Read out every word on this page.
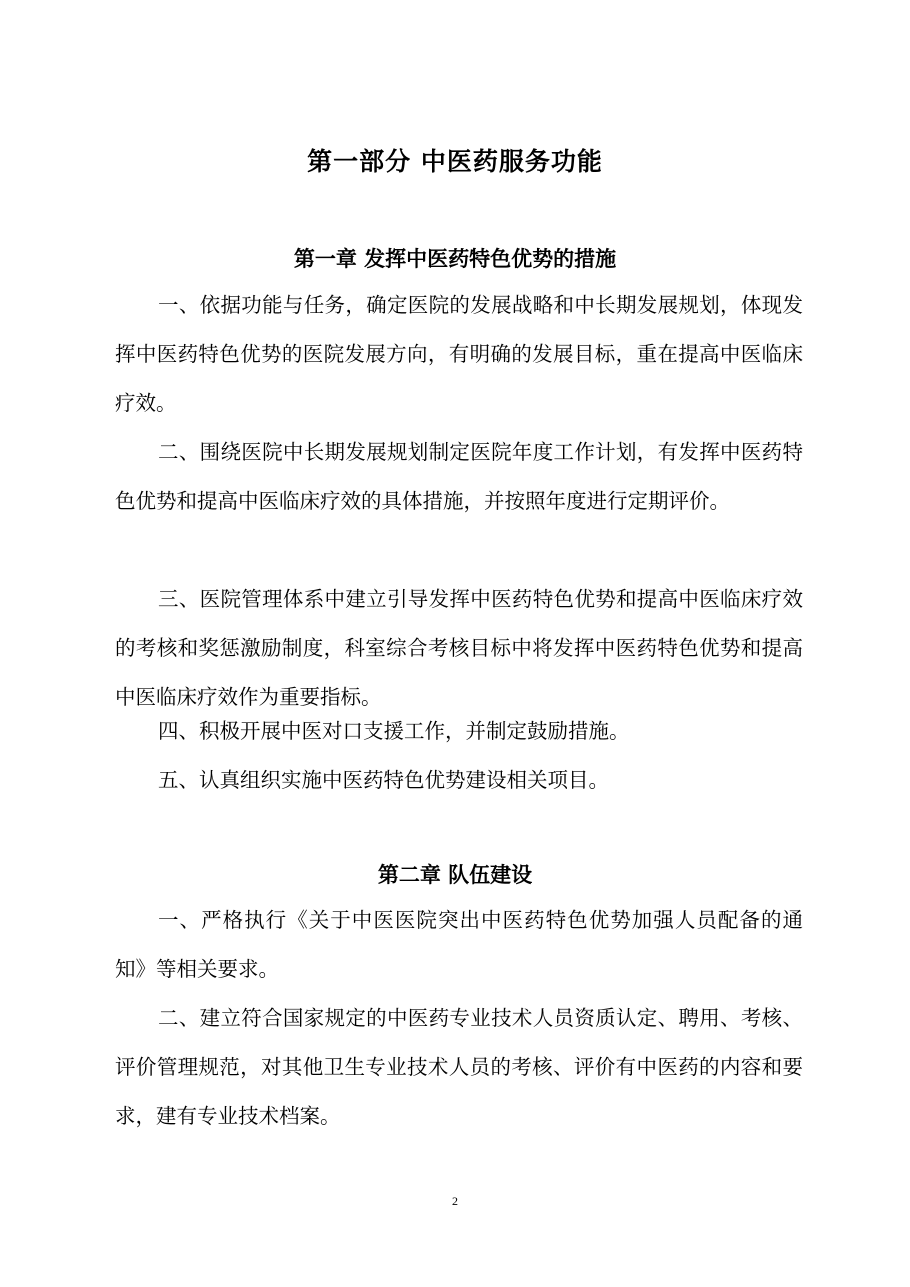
第一部分 中医药服务功能
第一章 发挥中医药特色优势的措施

一、依据功能与任务，确定医院的发展战略和中长期发展规划，体现发挥中医药特色优势的医院发展方向，有明确的发展目标，重在提高中医临床疗效。

二、围绕医院中长期发展规划制定医院年度工作计划，有发挥中医药特色优势和提高中医临床疗效的具体措施，并按照年度进行定期评价。

三、医院管理体系中建立引导发挥中医药特色优势和提高中医临床疗效的考核和奖惩激励制度，科室综合考核目标中将发挥中医药特色优势和提高中医临床疗效作为重要指标。

四、积极开展中医对口支援工作，并制定鼓励措施。

五、认真组织实施中医药特色优势建设相关项目。

第二章 队伍建设

一、严格执行《关于中医医院突出中医药特色优势加强人员配备的通知》等相关要求。

二、建立符合国家规定的中医药专业技术人员资质认定、聘用、考核、评价管理规范，对其他卫生专业技术人员的考核、评价有中医药的内容和要求，建有专业技术档案。

2
